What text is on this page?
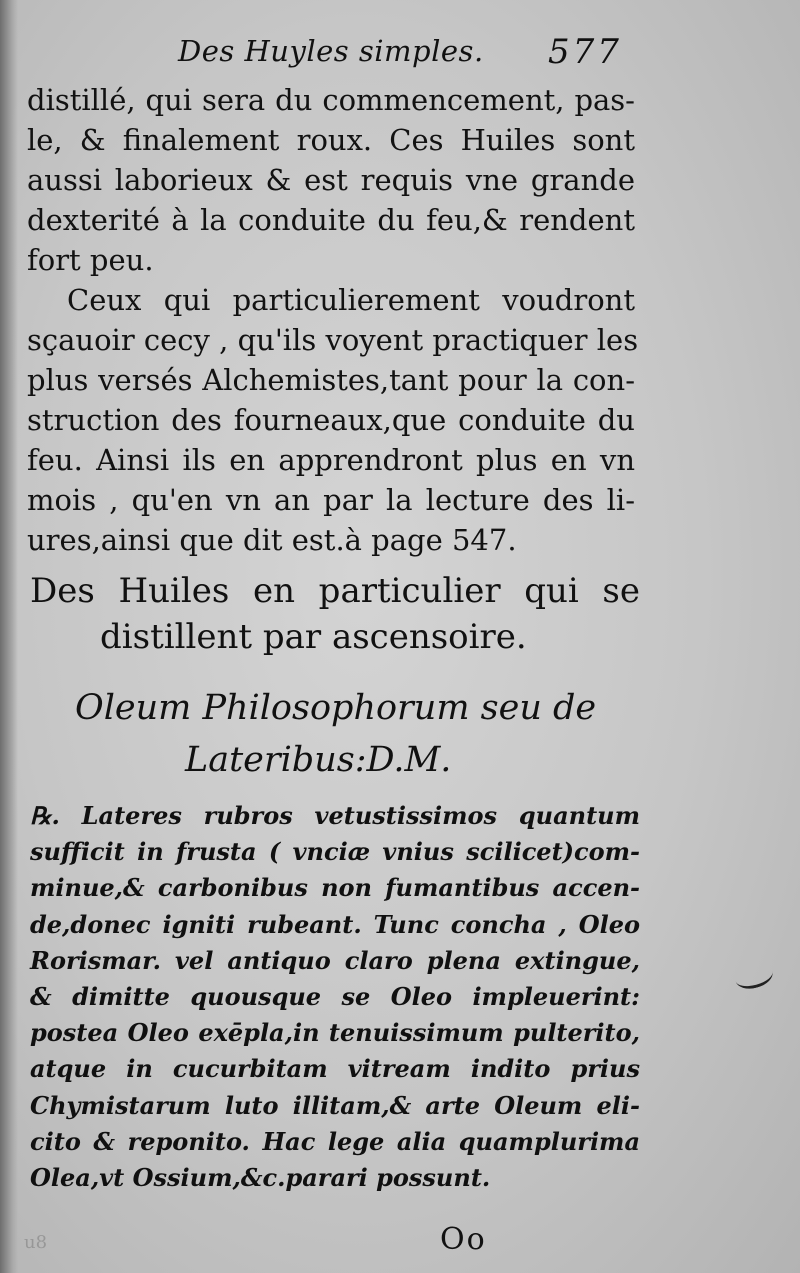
Des Huyles simples. 577
distillé, qui sera du commencement, pas-
le, & finalement roux. Ces Huiles sont
aussi laborieux & est requis vne grande
dexterité à la conduite du feu,& rendent
fort peu.
Ceux qui particulierement voudront
sçauoir cecy , qu'ils voyent practiquer les
plus versés Alchemistes,tant pour la con-
struction des fourneaux,que conduite du
feu. Ainsi ils en apprendront plus en vn
mois , qu'en vn an par la lecture des li-
ures,ainsi que dit est.à page 547.
Des Huiles en particulier qui se
distillent par ascensoire.
Oleum Philosophorum seu de
Lateribus:D.M.
℞. Lateres rubros vetustissimos quantum
sufficit in frusta ( vnciæ vnius scilicet)com-
minue,& carbonibus non fumantibus accen-
de,donec igniti rubeant. Tunc concha , Oleo
Rorismar. vel antiquo claro plena extingue,
& dimitte quousque se Oleo impleuerint:
postea Oleo exēpla,in tenuissimum pulterito,
atque in cucurbitam vitream indito prius
Chymistarum luto illitam,& arte Oleum eli-
cito & reponito. Hac lege alia quamplurima
Olea,vt Ossium,&c.parari possunt.
u8	Oo
